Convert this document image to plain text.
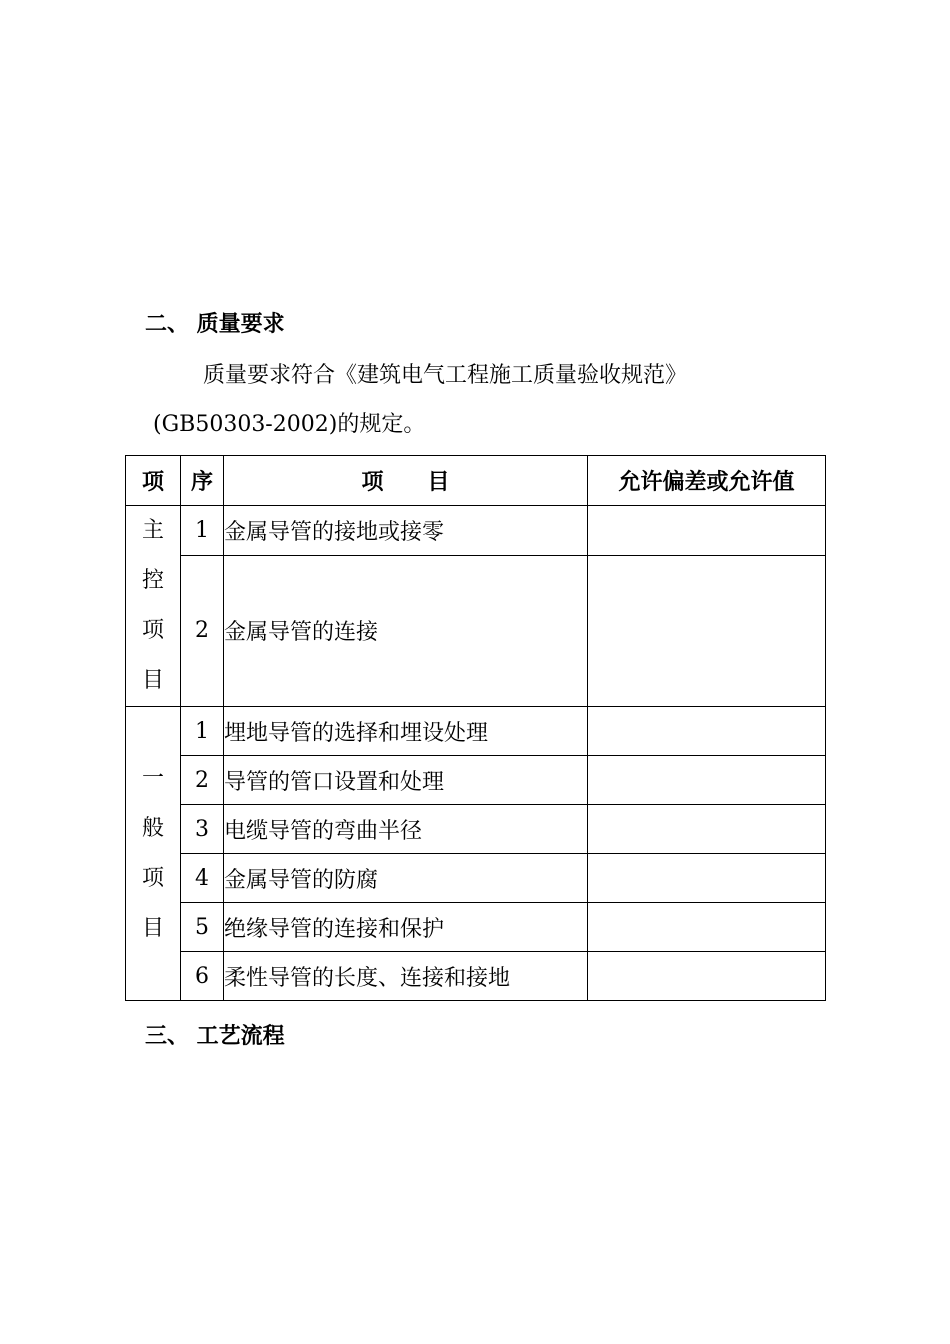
二、 质量要求
质量要求符合《建筑电气工程施工质量验收规范》
(GB50303-2002)的规定。
项	序	项　　目	允许偏差或允许值
主控项目	1	金属导管的接地或接零	
	2	金属导管的连接	
一般项目	1	埋地导管的选择和埋设处理	
	2	导管的管口设置和处理	
	3	电缆导管的弯曲半径	
	4	金属导管的防腐	
	5	绝缘导管的连接和保护	
	6	柔性导管的长度、连接和接地	
三、 工艺流程
